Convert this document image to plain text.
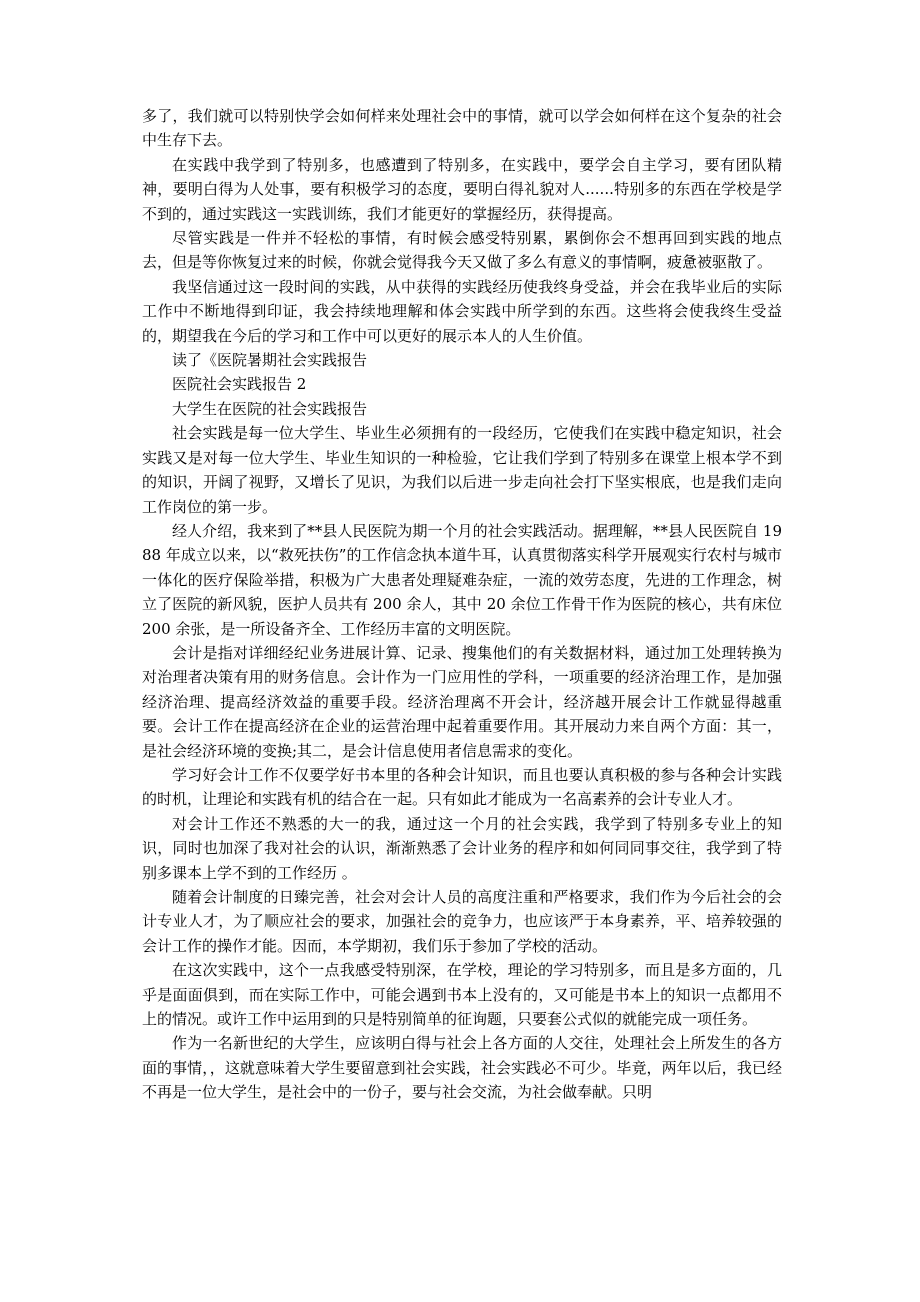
多了，我们就可以特别快学会如何样来处理社会中的事情，就可以学会如何样在这个复杂的社会中生存下去。

在实践中我学到了特别多，也感遭到了特别多，在实践中，要学会自主学习，要有团队精神，要明白得为人处事，要有积极学习的态度，要明白得礼貌对人......特别多的东西在学校是学不到的，通过实践这一实践训练，我们才能更好的掌握经历，获得提高。

尽管实践是一件并不轻松的事情，有时候会感受特别累，累倒你会不想再回到实践的地点去，但是等你恢复过来的时候，你就会觉得我今天又做了多么有意义的事情啊，疲惫被驱散了。

我坚信通过这一段时间的实践，从中获得的实践经历使我终身受益，并会在我毕业后的实际工作中不断地得到印证，我会持续地理解和体会实践中所学到的东西。这些将会使我终生受益的，期望我在今后的学习和工作中可以更好的展示本人的人生价值。

读了《医院暑期社会实践报告

医院社会实践报告 2

大学生在医院的社会实践报告

社会实践是每一位大学生、毕业生必须拥有的一段经历，它使我们在实践中稳定知识，社会实践又是对每一位大学生、毕业生知识的一种检验，它让我们学到了特别多在课堂上根本学不到的知识，开阔了视野，又增长了见识，为我们以后进一步走向社会打下坚实根底，也是我们走向工作岗位的第一步。

经人介绍，我来到了**县人民医院为期一个月的社会实践活动。据理解，**县人民医院自 1988 年成立以来，以“救死扶伤”的工作信念执本道牛耳，认真贯彻落实科学开展观实行农村与城市一体化的医疗保险举措，积极为广大患者处理疑难杂症，一流的效劳态度，先进的工作理念，树立了医院的新风貌，医护人员共有 200 余人，其中 20 余位工作骨干作为医院的核心，共有床位 200 余张，是一所设备齐全、工作经历丰富的文明医院。

会计是指对详细经纪业务进展计算、记录、搜集他们的有关数据材料，通过加工处理转换为对治理者决策有用的财务信息。会计作为一门应用性的学科，一项重要的经济治理工作，是加强经济治理、提高经济效益的重要手段。经济治理离不开会计，经济越开展会计工作就显得越重要。会计工作在提高经济在企业的运营治理中起着重要作用。其开展动力来自两个方面：其一，是社会经济环境的变换;其二，是会计信息使用者信息需求的变化。

学习好会计工作不仅要学好书本里的各种会计知识，而且也要认真积极的参与各种会计实践的时机，让理论和实践有机的结合在一起。只有如此才能成为一名高素养的会计专业人才。

对会计工作还不熟悉的大一的我，通过这一个月的社会实践，我学到了特别多专业上的知识，同时也加深了我对社会的认识，渐渐熟悉了会计业务的程序和如何同同事交往，我学到了特别多课本上学不到的工作经历 。

随着会计制度的日臻完善，社会对会计人员的高度注重和严格要求，我们作为今后社会的会计专业人才，为了顺应社会的要求，加强社会的竞争力，也应该严于本身素养，平、培养较强的会计工作的操作才能。因而，本学期初，我们乐于参加了学校的活动。

在这次实践中，这个一点我感受特别深，在学校，理论的学习特别多，而且是多方面的，几乎是面面俱到，而在实际工作中，可能会遇到书本上没有的，又可能是书本上的知识一点都用不上的情况。或许工作中运用到的只是特别简单的征询题，只要套公式似的就能完成一项任务。

作为一名新世纪的大学生，应该明白得与社会上各方面的人交往，处理社会上所发生的各方面的事情，，这就意味着大学生要留意到社会实践，社会实践必不可少。毕竟，两年以后，我已经不再是一位大学生，是社会中的一份子，要与社会交流，为社会做奉献。只明
